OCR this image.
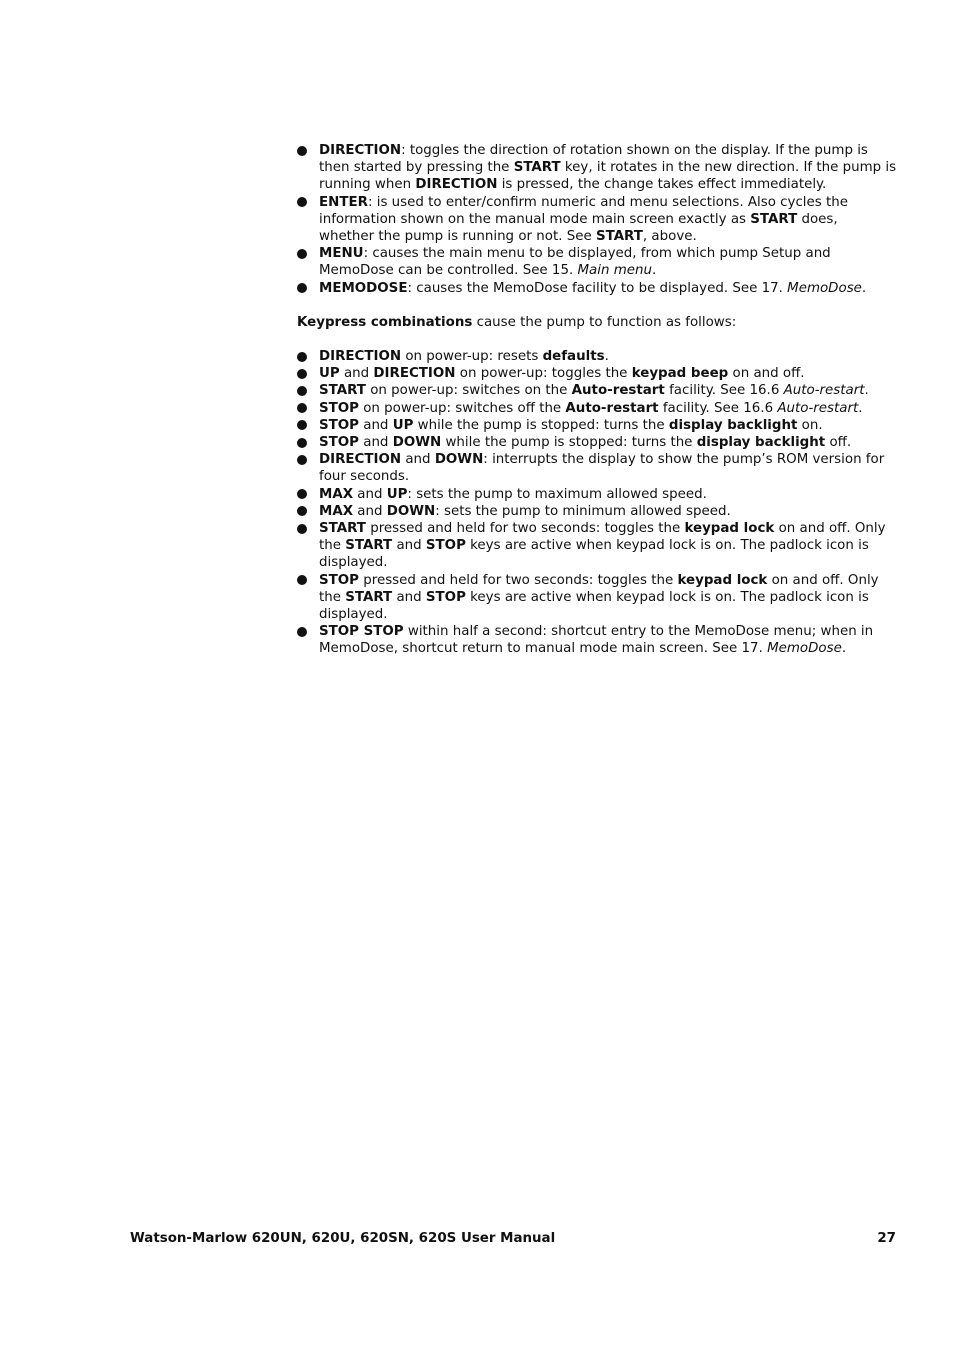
DIRECTION: toggles the direction of rotation shown on the display. If the pump is then started by pressing the START key, it rotates in the new direction. If the pump is running when DIRECTION is pressed, the change takes effect immediately.
ENTER: is used to enter/confirm numeric and menu selections. Also cycles the information shown on the manual mode main screen exactly as START does, whether the pump is running or not. See START, above.
MENU: causes the main menu to be displayed, from which pump Setup and MemoDose can be controlled. See 15. Main menu.
MEMODOSE: causes the MemoDose facility to be displayed. See 17. MemoDose.

Keypress combinations cause the pump to function as follows:

DIRECTION on power-up: resets defaults.
UP and DIRECTION on power-up: toggles the keypad beep on and off.
START on power-up: switches on the Auto-restart facility. See 16.6 Auto-restart.
STOP on power-up: switches off the Auto-restart facility. See 16.6 Auto-restart.
STOP and UP while the pump is stopped: turns the display backlight on.
STOP and DOWN while the pump is stopped: turns the display backlight off.
DIRECTION and DOWN: interrupts the display to show the pump’s ROM version for four seconds.
MAX and UP: sets the pump to maximum allowed speed.
MAX and DOWN: sets the pump to minimum allowed speed.
START pressed and held for two seconds: toggles the keypad lock on and off. Only the START and STOP keys are active when keypad lock is on. The padlock icon is displayed.
STOP pressed and held for two seconds: toggles the keypad lock on and off. Only the START and STOP keys are active when keypad lock is on. The padlock icon is displayed.
STOP STOP within half a second: shortcut entry to the MemoDose menu; when in MemoDose, shortcut return to manual mode main screen. See 17. MemoDose.
Watson-Marlow 620UN, 620U, 620SN, 620S User Manual	27
